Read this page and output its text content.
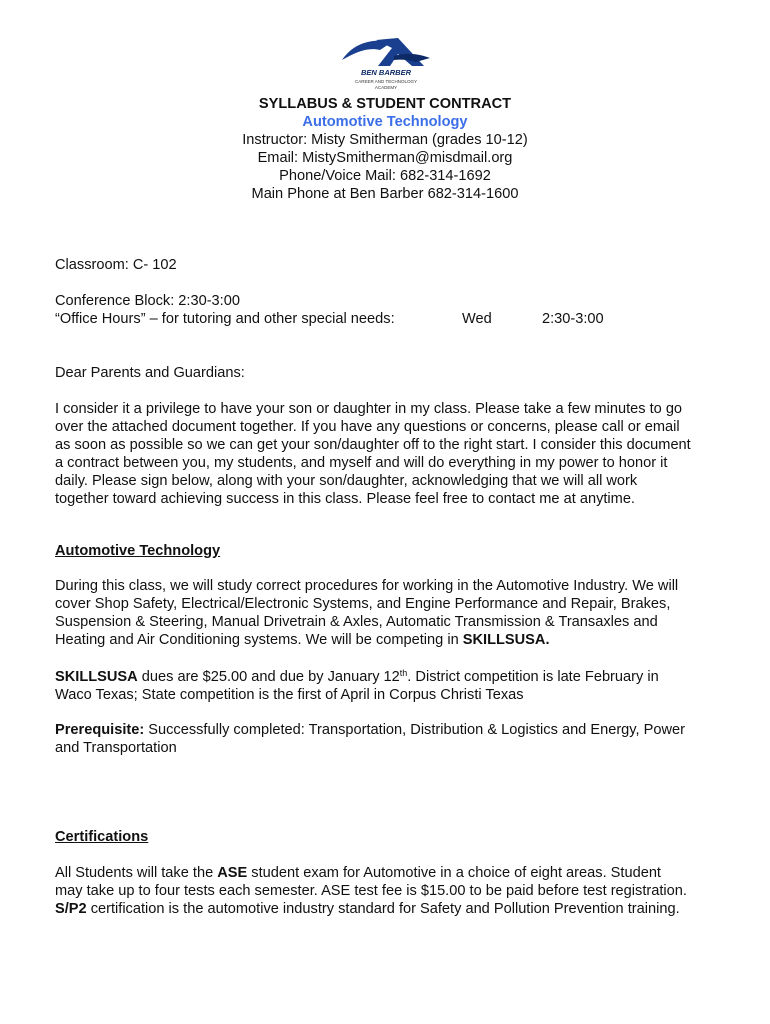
BEN BARBER
CAREER AND TECHNOLOGY
ACADEMY
SYLLABUS & STUDENT CONTRACT
Automotive Technology
Instructor: Misty Smitherman (grades 10-12)
Email: MistySmitherman@misdmail.org
Phone/Voice Mail: 682-314-1692
Main Phone at Ben Barber 682-314-1600
Classroom: C- 102
Conference Block: 2:30-3:00
“Office Hours” – for tutoring and other special needs:	Wed	2:30-3:00
Dear Parents and Guardians:
I consider it a privilege to have your son or daughter in my class. Please take a few minutes to go
over the attached document together. If you have any questions or concerns, please call or email
as soon as possible so we can get your son/daughter off to the right start. I consider this document
a contract between you, my students, and myself and will do everything in my power to honor it
daily. Please sign below, along with your son/daughter, acknowledging that we will all work
together toward achieving success in this class. Please feel free to contact me at anytime.
Automotive Technology
During this class, we will study correct procedures for working in the Automotive Industry. We will
cover Shop Safety, Electrical/Electronic Systems, and Engine Performance and Repair, Brakes,
Suspension & Steering, Manual Drivetrain & Axles, Automatic Transmission & Transaxles and
Heating and Air Conditioning systems. We will be competing in SKILLSUSA.
SKILLSUSA dues are $25.00 and due by January 12th. District competition is late February in
Waco Texas; State competition is the first of April in Corpus Christi Texas
Prerequisite: Successfully completed: Transportation, Distribution & Logistics and Energy, Power
and Transportation
Certifications
All Students will take the ASE student exam for Automotive in a choice of eight areas. Student
may take up to four tests each semester. ASE test fee is $15.00 to be paid before test registration.
S/P2 certification is the automotive industry standard for Safety and Pollution Prevention training.
